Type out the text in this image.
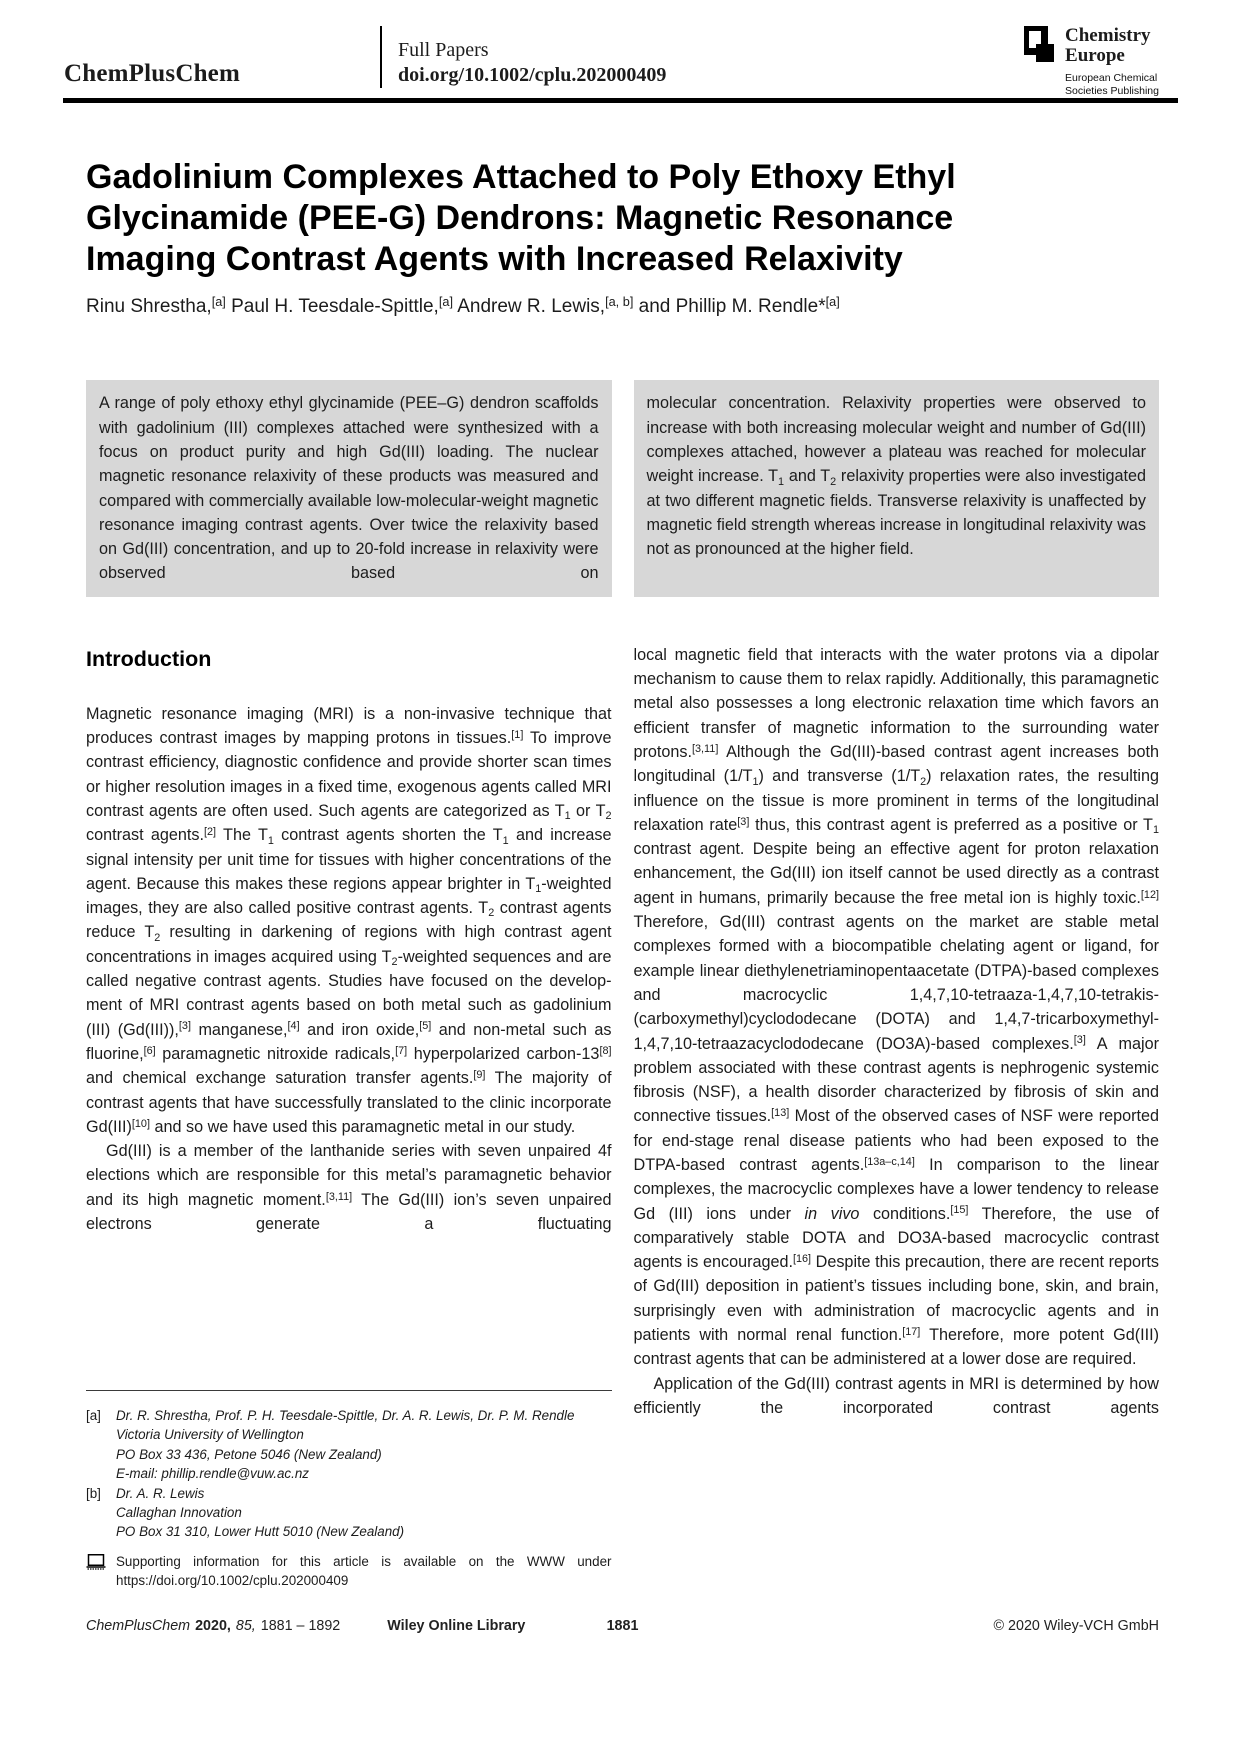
ChemPlusChem
Full Papers
doi.org/10.1002/cplu.202000409
Chemistry
Europe
European Chemical
Societies Publishing
Gadolinium Complexes Attached to Poly Ethoxy Ethyl
Glycinamide (PEE-G) Dendrons: Magnetic Resonance
Imaging Contrast Agents with Increased Relaxivity
Rinu Shrestha,[a] Paul H. Teesdale-Spittle,[a] Andrew R. Lewis,[a, b] and Phillip M. Rendle*[a]
A range of poly ethoxy ethyl glycinamide (PEE–G) dendron scaffolds with gadolinium (III) complexes attached were synthesized with a focus on product purity and high Gd(III) loading. The nuclear magnetic resonance relaxivity of these products was measured and compared with commercially available low-molecular-weight magnetic resonance imaging contrast agents. Over twice the relaxivity based on Gd(III) concentration, and up to 20-fold increase in relaxivity were observed based on
molecular concentration. Relaxivity properties were observed to increase with both increasing molecular weight and number of Gd(III) complexes attached, however a plateau was reached for molecular weight increase. $T_1$ and $T_2$ relaxivity properties were also investigated at two different magnetic fields. Transverse relaxivity is unaffected by magnetic field strength whereas increase in longitudinal relaxivity was not as pronounced at the higher field.
Introduction

Magnetic resonance imaging (MRI) is a non-invasive technique that produces contrast images by mapping protons in tissues.[1] To improve contrast efficiency, diagnostic confidence and provide shorter scan times or higher resolution images in a fixed time, exogenous agents called MRI contrast agents are often used. Such agents are categorized as $T_1$ or $T_2$ contrast agents.[2] The $T_1$ contrast agents shorten the $T_1$ and increase signal intensity per unit time for tissues with higher concentrations of the agent. Because this makes these regions appear brighter in $T_1$-weighted images, they are also called positive contrast agents. $T_2$ contrast agents reduce $T_2$ resulting in darkening of regions with high contrast agent concentrations in images acquired using $T_2$-weighted sequences and are called negative contrast agents. Studies have focused on the development of MRI contrast agents based on both metal such as gadolinium (III) (Gd(III)),[3] manganese,[4] and iron oxide,[5] and non-metal such as fluorine,[6] paramagnetic nitroxide radicals,[7] hyperpolarized carbon-13[8] and chemical exchange saturation transfer agents.[9] The majority of contrast agents that have successfully translated to the clinic incorporate Gd(III)[10] and so we have used this paramagnetic metal in our study.

Gd(III) is a member of the lanthanide series with seven unpaired 4f elections which are responsible for this metal’s paramagnetic behavior and its high magnetic moment.[3,11] The Gd(III) ion’s seven unpaired electrons generate a fluctuating

[a]	Dr. R. Shrestha, Prof. P. H. Teesdale-Spittle, Dr. A. R. Lewis, Dr. P. M. Rendle
Victoria University of Wellington
PO Box 33 436, Petone 5046 (New Zealand)
E-mail: phillip.rendle@vuw.ac.nz
[b]	Dr. A. R. Lewis
Callaghan Innovation
PO Box 31 310, Lower Hutt 5010 (New Zealand)
Supporting information for this article is available on the WWW under https://doi.org/10.1002/cplu.202000409

local magnetic field that interacts with the water protons via a dipolar mechanism to cause them to relax rapidly. Additionally, this paramagnetic metal also possesses a long electronic relaxation time which favors an efficient transfer of magnetic information to the surrounding water protons.[3,11] Although the Gd(III)-based contrast agent increases both longitudinal $(1/T_1)$ and transverse $(1/T_2)$ relaxation rates, the resulting influence on the tissue is more prominent in terms of the longitudinal relaxation rate[3] thus, this contrast agent is preferred as a positive or $T_1$ contrast agent. Despite being an effective agent for proton relaxation enhancement, the Gd(III) ion itself cannot be used directly as a contrast agent in humans, primarily because the free metal ion is highly toxic.[12] Therefore, Gd(III) contrast agents on the market are stable metal complexes formed with a biocompatible chelating agent or ligand, for example linear diethylenetriaminopentaacetate (DTPA)-based complexes and macrocyclic 1,4,7,10-tetraaza-1,4,7,10-tetrakis(carboxymethyl)cyclododecane (DOTA) and 1,4,7-tricarboxymethyl-1,4,7,10-tetraazacyclododecane (DO3A)-based complexes.[3] A major problem associated with these contrast agents is nephrogenic systemic fibrosis (NSF), a health disorder characterized by fibrosis of skin and connective tissues.[13] Most of the observed cases of NSF were reported for end-stage renal disease patients who had been exposed to the DTPA-based contrast agents.[13a–c,14] In comparison to the linear complexes, the macrocyclic complexes have a lower tendency to release Gd (III) ions under in vivo conditions.[15] Therefore, the use of comparatively stable DOTA and DO3A-based macrocyclic contrast agents is encouraged.[16] Despite this precaution, there are recent reports of Gd(III) deposition in patient’s tissues including bone, skin, and brain, surprisingly even with administration of macrocyclic agents and in patients with normal renal function.[17] Therefore, more potent Gd(III) contrast agents that can be administered at a lower dose are required.

Application of the Gd(III) contrast agents in MRI is determined by how efficiently the incorporated contrast agents

ChemPlusChem 2020, 85, 1881 – 1892	Wiley Online Library	1881	© 2020 Wiley-VCH GmbH
